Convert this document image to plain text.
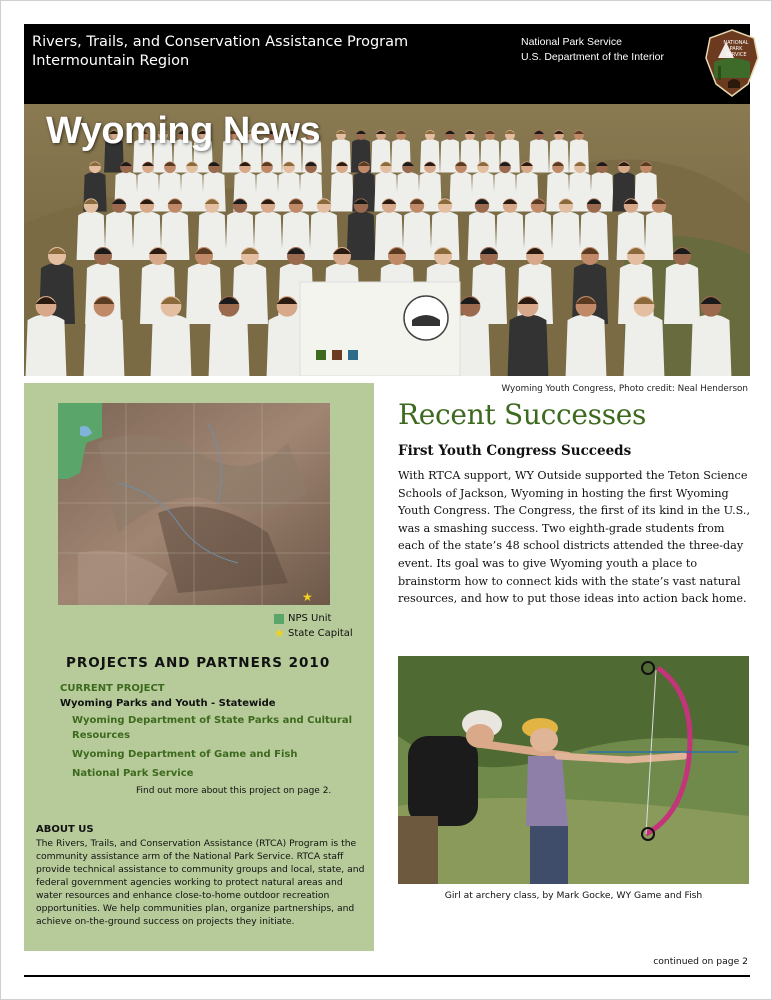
Rivers, Trails, and Conservation Assistance Program
Intermountain Region
National Park Service
U.S. Department of the Interior
NATIONAL
PARK
SERVICE
Wyoming News
Wyoming Youth Congress, Photo credit: Neal Henderson
★
NPS Unit
★ State Capital
PROJECTS AND PARTNERS 2010
CURRENT PROJECT
Wyoming Parks and Youth - Statewide
Wyoming Department of State Parks and Cultural Resources
Wyoming Department of Game and Fish
National Park Service
Find out more about this project on page 2.
ABOUT US
The Rivers, Trails, and Conservation Assistance (RTCA) Program is the community assistance arm of the National Park Service. RTCA staff provide technical assistance to community groups and local, state, and federal government agencies working to protect natural areas and water resources and enhance close-to-home outdoor recreation opportunities. We help communities plan, organize partnerships, and achieve on-the-ground success on projects they initiate.
Recent Successes
First Youth Congress Succeeds
With RTCA support, WY Outside supported the Teton Science Schools of Jackson, Wyoming in hosting the first Wyoming Youth Congress. The Congress, the first of its kind in the U.S., was a smashing success. Two eighth-grade students from each of the state’s 48 school districts attended the three-day event. Its goal was to give Wyoming youth a place to brainstorm how to connect kids with the state’s vast natural resources, and how to put those ideas into action back home.
Girl at archery class, by Mark Gocke, WY Game and Fish
continued on page 2
